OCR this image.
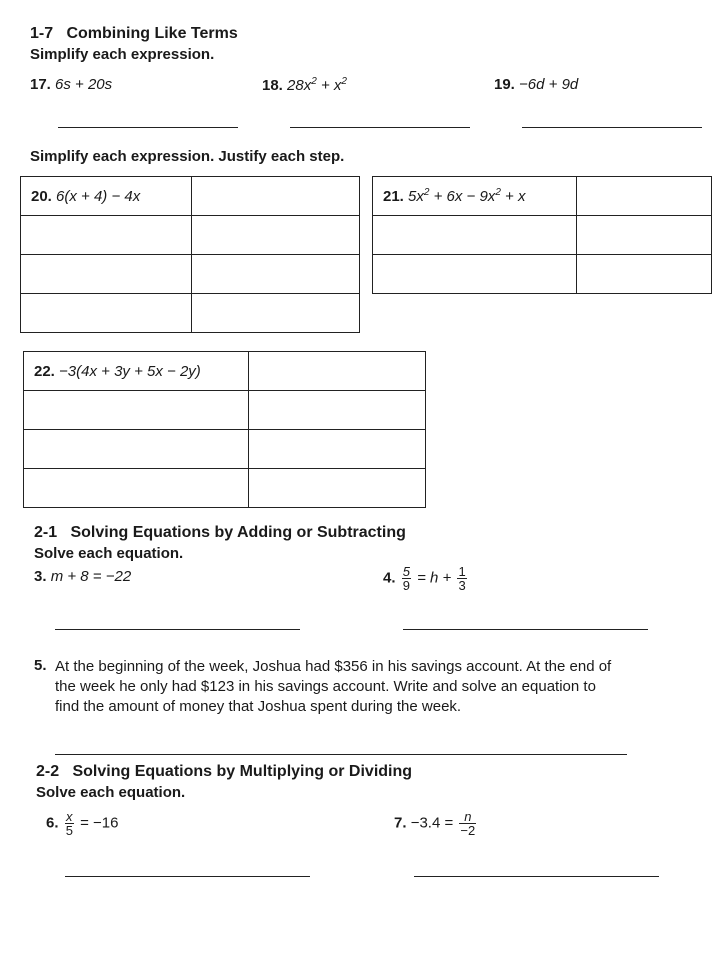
1-7 Combining Like Terms
Simplify each expression.
17. 6s + 20s	18. $28x^2 + x^2$	19. −6d + 9d
Simplify each expression. Justify each step.
20. 6(x + 4) − 4x	

		21. $5x^2 + 6x - 9x^2 + x$	

22. −3(4x + 3y + 5x − 2y)	

2-1 Solving Equations by Adding or Subtracting
Solve each equation.
3. m + 8 = −22	4. $\frac{5}{9} = h + \frac{1}{3}$
5. At the beginning of the week, Joshua had $356 in his savings account. At the end of the week he only had $123 in his savings account. Write and solve an equation to find the amount of money that Joshua spent during the week.
2-2 Solving Equations by Multiplying or Dividing
Solve each equation.
6. $\frac{x}{5} = -16$	7. $-3.4 = \frac{n}{-2}$
